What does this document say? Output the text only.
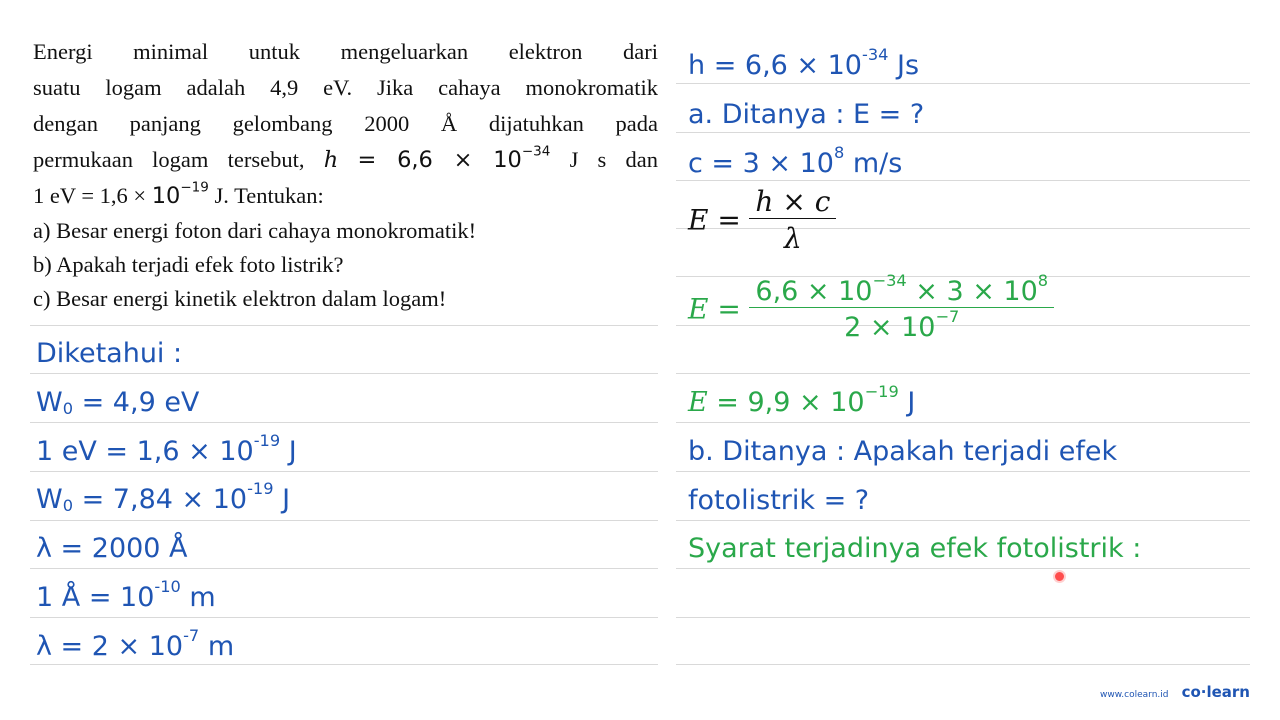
Energi minimal untuk mengeluarkan elektron dari

suatu logam adalah 4,9 eV. Jika cahaya monokromatik

dengan panjang gelombang 2000 Å dijatuhkan pada

permukaan logam tersebut, $h = 6,6 \times 10^{-34}$ J s dan

1 eV = $1,6 \times 10^{-19}$ J. Tentukan:

a) Besar energi foton dari cahaya monokromatik!

b) Apakah terjadi efek foto listrik?

c) Besar energi kinetik elektron dalam logam!

Diketahui :
$W_0 = 4,9$ eV
1 eV = $1,6 \times 10^{-19}$ J
$W_0 = 7,84 \times 10^{-19}$ J
λ = 2000 Å
1 Å = $10^{-10}$ m
$\lambda = 2 \times 10^{-7}$ m
$h = 6,6 \times 10^{-34}$ Js
a. Ditanya : E = ?
$c = 3 \times 10^8$ m/s
$E = \frac{h \times c}{\lambda}$
$E = \frac{6,6 \times 10^{-34} \times 3 \times 10^8}{2 \times 10^{-7}}$
$E = 9,9 \times 10^{-19}$ J
b. Ditanya : Apakah terjadi efek
fotolistrik = ?
Syarat terjadinya efek fotolistrik :
www.colearn.id co·learn
